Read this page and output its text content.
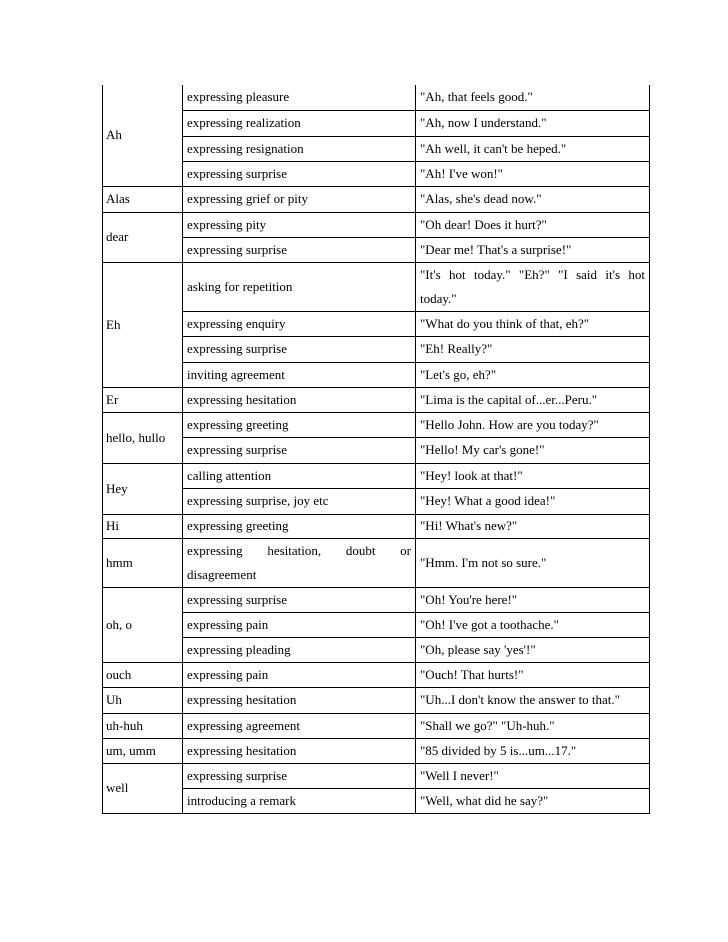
Ah	expressing pleasure	"Ah, that feels good."
	expressing realization	"Ah, now I understand."
	expressing resignation	"Ah well, it can't be heped."
	expressing surprise	"Ah! I've won!"
Alas	expressing grief or pity	"Alas, she's dead now."
dear	expressing pity	"Oh dear! Does it hurt?"
	expressing surprise	"Dear me! That's a surprise!"
Eh	asking for repetition	"It's hot today." "Eh?" "I said it's hot today."
	expressing enquiry	"What do you think of that, eh?"
	expressing surprise	"Eh! Really?"
	inviting agreement	"Let's go, eh?"
Er	expressing hesitation	"Lima is the capital of...er...Peru."
hello, hullo	expressing greeting	"Hello John. How are you today?"
	expressing surprise	"Hello! My car's gone!"
Hey	calling attention	"Hey! look at that!"
	expressing surprise, joy etc	"Hey! What a good idea!"
Hi	expressing greeting	"Hi! What's new?"
hmm	expressing hesitation, doubt or disagreement	"Hmm. I'm not so sure."
oh, o	expressing surprise	"Oh! You're here!"
	expressing pain	"Oh! I've got a toothache."
	expressing pleading	"Oh, please say 'yes'!"
ouch	expressing pain	"Ouch! That hurts!"
Uh	expressing hesitation	"Uh...I don't know the answer to that."
uh-huh	expressing agreement	"Shall we go?" "Uh-huh."
um, umm	expressing hesitation	"85 divided by 5 is...um...17."
well	expressing surprise	"Well I never!"
	introducing a remark	"Well, what did he say?"
